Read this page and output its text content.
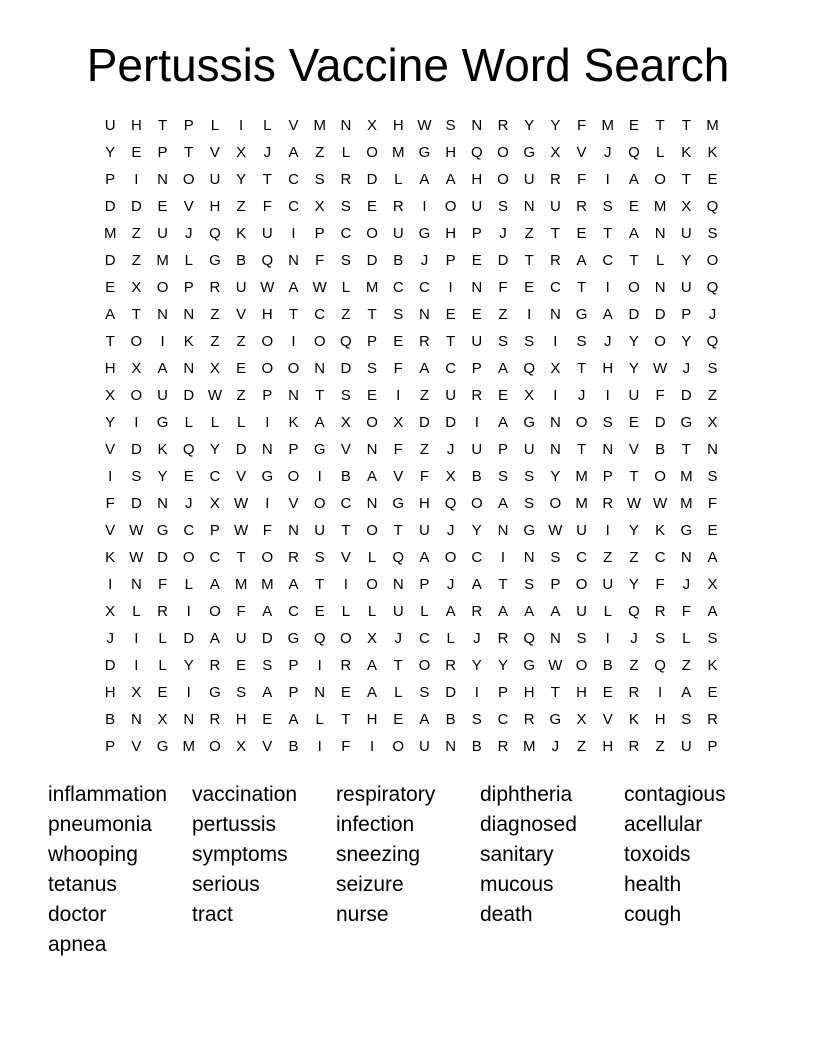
Pertussis Vaccine Word Search
U	H	T	P	L	I	L	V M N	X	H W S	N	R	Y	Y	F	M E	T	T	M
Y	E	P	T	V	X	J	A	Z	L	O M G H Q O G	X	V	J	Q	L	K	K
P	I	N O U	Y	T	C	S	R	D	L	A	A	H O U	R	F	I	A	O	T	E
D	D	E	V	H	Z	F	C	X	S	E	R	I	O U	S	N	U	R	S	E M X	Q
M	Z	U	J	Q	K	U	I	P	C O U G H	P	J	Z	T	E	T	A	N	U	S
D	Z	M	L	G	B	Q N	F	S	D	B	J	P	E	D	T	R	A	C	T	L	Y	O
E	X	O	P	R	U W A W L	M C	C	I	N	F	E	C	T	I	O N	U Q
A	T	N	N	Z	V	H	T	C	Z	T	S	N	E	E	Z	I	N G	A	D	D	P	J
T	O	I	K	Z	Z	O	I	O Q	P	E	R	T	U	S	S	I	S	J	Y	O	Y	Q
H	X	A	N	X	E	O O N	D	S	F	A	C	P	A	Q	X	T	H	Y W	J	S
X	O U	D W Z	P	N	T	S	E	I	Z	U	R	E	X	I	J	I	U	F	D	Z
Y	I	G	L	L	L	I	K	A	X	O	X	D	D	I	A	G N O	S	E	D G	X
V	D	K	Q	Y	D	N	P	G	V	N	F	Z	J	U	P	U	N	T	N	V	B	T	N
I	S	Y	E	C	V	G O	I	B	A	V	F	X	B	S	S	Y M P	T	O M S
F	D	N	J	X W	I	V	O C	N G H Q O	A	S	O M R W W M	F
V W G C	P W F	N	U	T	O	T	U	J	Y	N G W U	I	Y	K	G	E
K W D O C	T	O R	S	V	L	Q	A	O C	I	N	S	C	Z	Z	C	N	A
I	N	F	L	A M M A	T	I	O N	P	J	A	T	S	P	O U	Y	F	J	X
X	L	R	I	O	F	A	C	E	L	L	U	L	A	R	A	A	A	U	L	Q R	F	A
J	I	L	D	A	U	D G Q O	X	J	C	L	J	R Q N	S	I	J	S	L	S
D	I	L	Y	R	E	S	P	I	R	A	T	O R	Y	Y	G W O	B	Z	Q	Z	K
H	X	E	I	G	S	A	P	N	E	A	L	S	D	I	P	H	T	H	E	R	I	A	E
B	N	X	N	R	H	E	A	L	T	H	E	A	B	S	C	R G	X	V	K	H	S	R
P	V	G M O	X	V	B	I	F	I	O U	N	B	R M	J	Z	H	R	Z	U	P
inflammation	vaccination	respiratory	diphtheria	contagious
pneumonia	pertussis	infection	diagnosed	acellular
whooping	symptoms	sneezing	sanitary	toxoids
tetanus	serious	seizure	mucous	health
doctor	tract	nurse	death	cough
apnea
